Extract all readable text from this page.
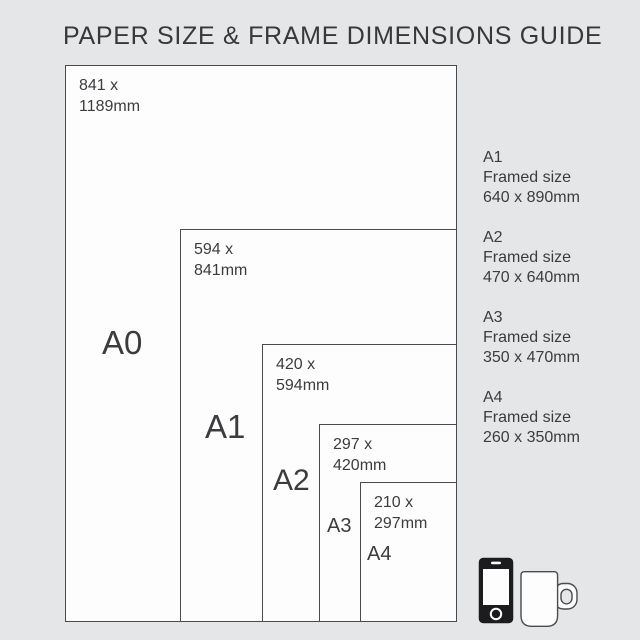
PAPER SIZE & FRAME DIMENSIONS GUIDE
841 x
1189mm
A0
594 x
841mm
A1
420 x
594mm
A2
297 x
420mm
A3
210 x
297mm
A4
A1
Framed size
640 x 890mm
A2
Framed size
470 x 640mm
A3
Framed size
350 x 470mm
A4
Framed size
260 x 350mm
